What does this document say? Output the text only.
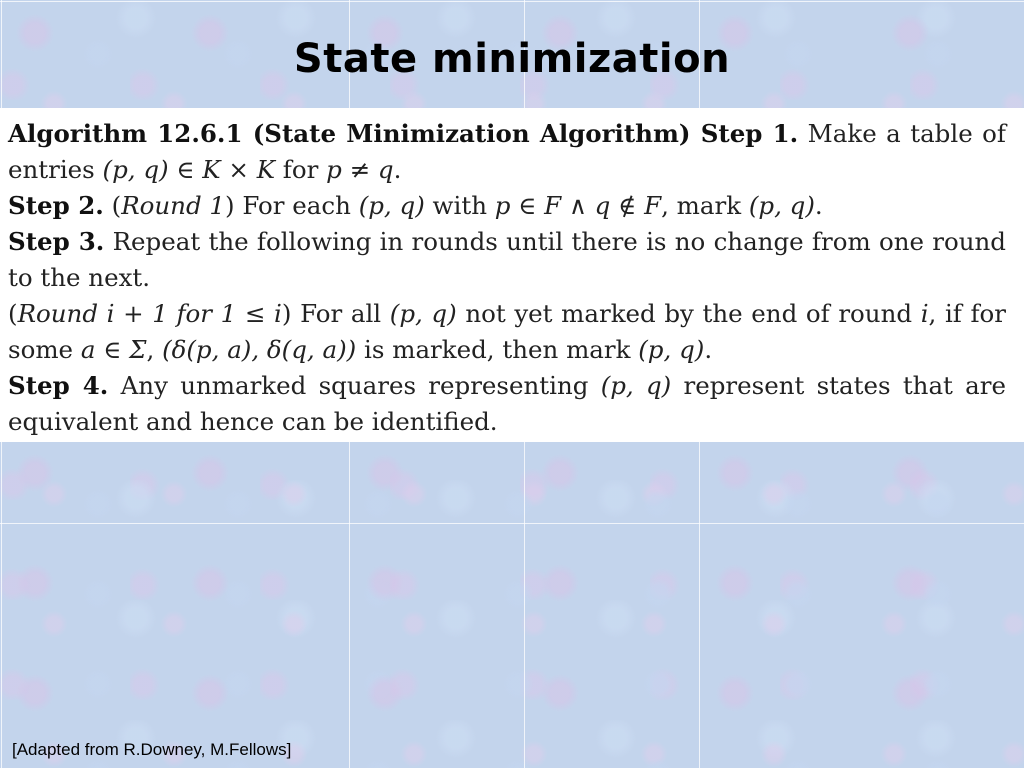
State minimization

Algorithm 12.6.1 (State Minimization Algorithm) Step 1. Make a table of entries (p, q) ∈ K × K for p ≠ q.

Step 2. (Round 1) For each (p, q) with p ∈ F ∧ q ∉ F, mark (p, q).

Step 3. Repeat the following in rounds until there is no change from one round to the next.

(Round i + 1 for 1 ≤ i) For all (p, q) not yet marked by the end of round i, if for some a ∈ Σ, (δ(p, a), δ(q, a)) is marked, then mark (p, q).

Step 4. Any unmarked squares representing (p, q) represent states that are equivalent and hence can be identified.

[Adapted from R.Downey, M.Fellows]
